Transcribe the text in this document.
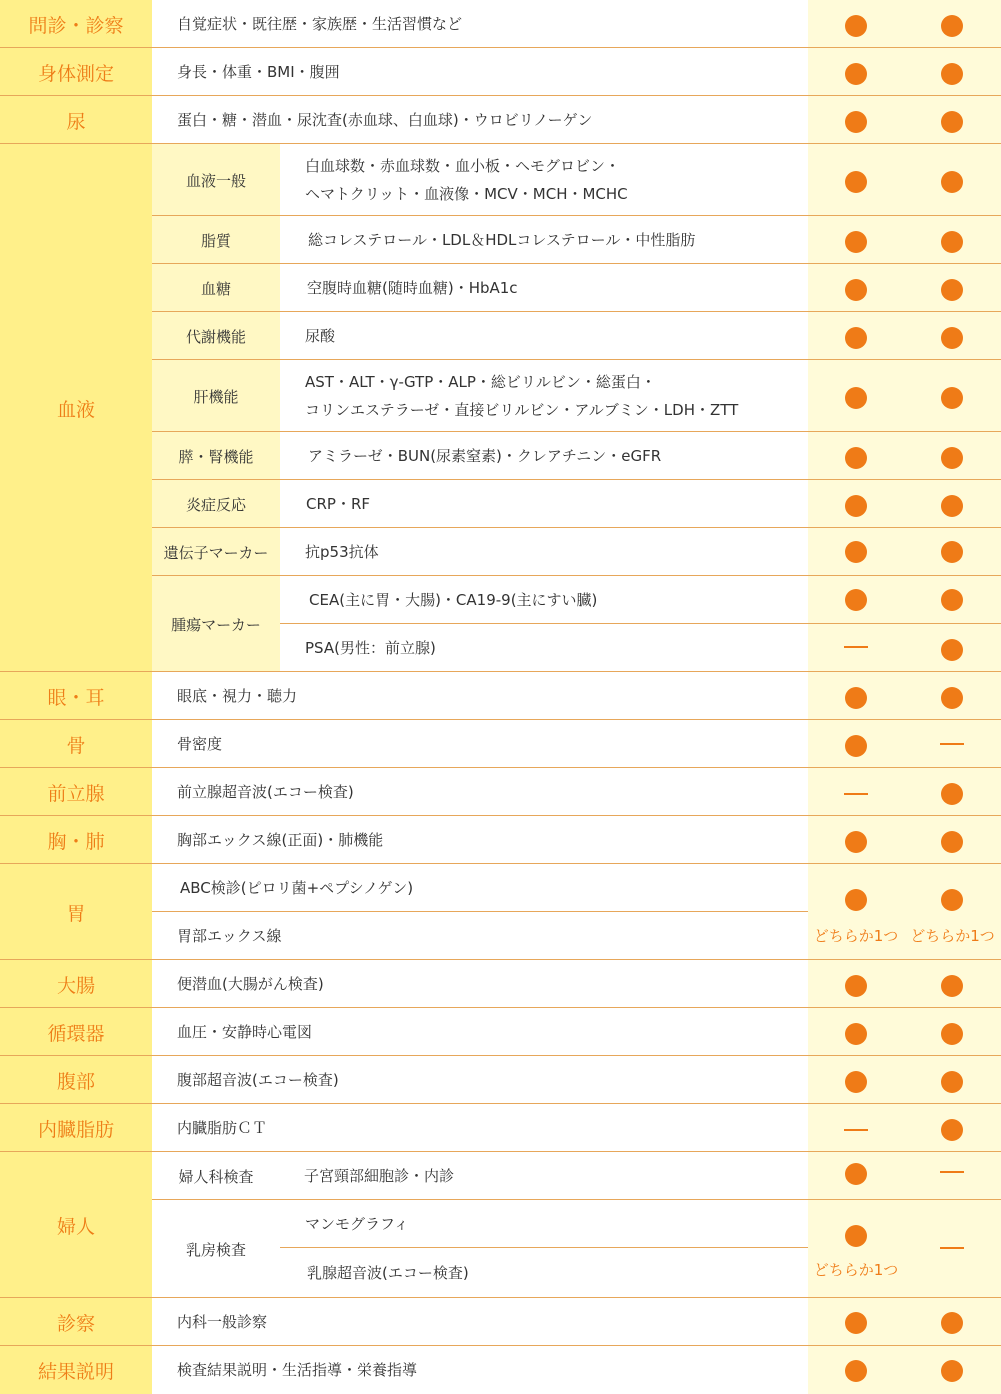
問診・診察
身体測定
尿
血液
眼・耳
骨
前立腺
胸・肺
胃
大腸
循環器
腹部
内臓脂肪
婦人
診察
結果説明
血液一般
脂質
血糖
代謝機能
肝機能
膵・腎機能
炎症反応
遺伝子マーカー
腫瘍マーカー
婦人科検査
乳房検査
自覚症状・既往歴・家族歴・生活習慣など
身長・体重・BMI・腹囲
蛋白・糖・潜血・尿沈査(赤血球、白血球)・ウロビリノーゲン
白血球数・赤血球数・血小板・ヘモグロビン・
ヘマトクリット・血液像・MCV・MCH・MCHC
総コレステロール・LDL＆HDLコレステロール・中性脂肪
空腹時血糖(随時血糖)・HbA1c
尿酸
AST・ALT・γ-GTP・ALP・総ビリルビン・総蛋白・
コリンエステラーゼ・直接ビリルビン・アルブミン・LDH・ZTT
アミラーゼ・BUN(尿素窒素)・クレアチニン・eGFR
CRP・RF
抗p53抗体
CEA(主に胃・大腸)・CA19-9(主にすい臓)
PSA(男性：前立腺)
眼底・視力・聴力
骨密度
前立腺超音波(エコー検査)
胸部エックス線(正面)・肺機能
ABC検診(ピロリ菌+ペプシノゲン)
胃部エックス線
便潜血(大腸がん検査)
血圧・安静時心電図
腹部超音波(エコー検査)
内臓脂肪ＣＴ
子宮頸部細胞診・内診
マンモグラフィ
乳腺超音波(エコー検査)
内科一般診察
検査結果説明・生活指導・栄養指導
どちらか1つ どちらか1つ
どちらか1つ
